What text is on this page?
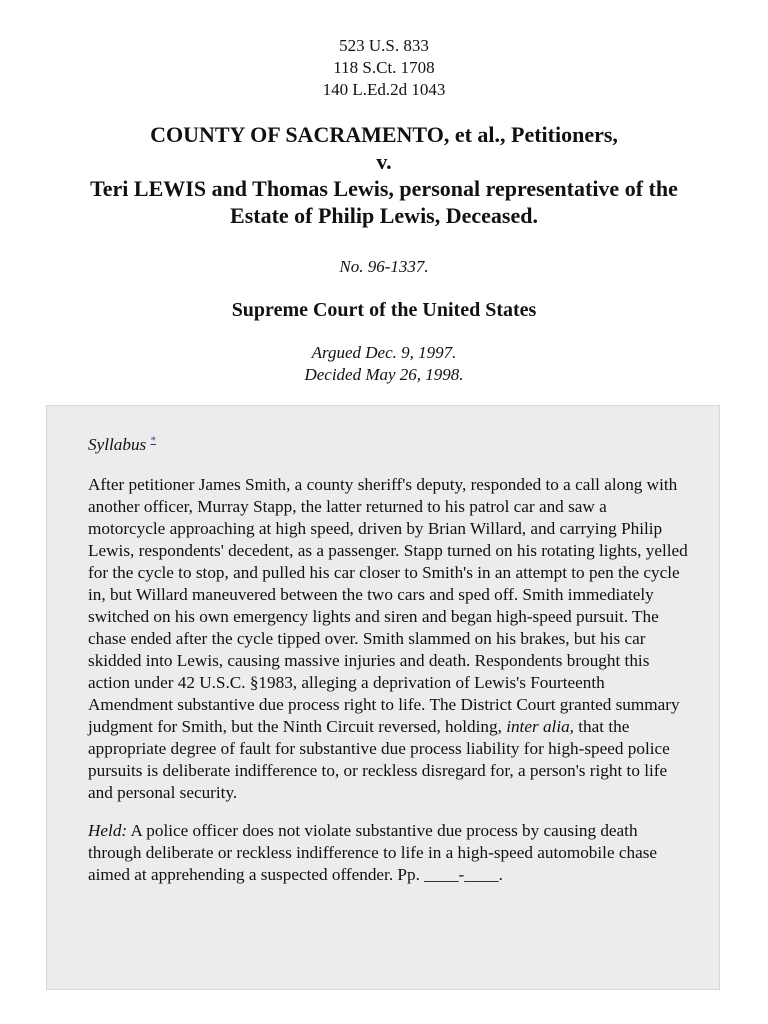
523 U.S. 833
118 S.Ct. 1708
140 L.Ed.2d 1043
COUNTY OF SACRAMENTO, et al., Petitioners,
v.
Teri LEWIS and Thomas Lewis, personal representative of the
Estate of Philip Lewis, Deceased.
No. 96-1337.
Supreme Court of the United States
Argued Dec. 9, 1997.
Decided May 26, 1998.
Syllabus *

After petitioner James Smith, a county sheriff's deputy, responded to a call along with another officer, Murray Stapp, the latter returned to his patrol car and saw a motorcycle approaching at high speed, driven by Brian Willard, and carrying Philip Lewis, respondents' decedent, as a passenger. Stapp turned on his rotating lights, yelled for the cycle to stop, and pulled his car closer to Smith's in an attempt to pen the cycle in, but Willard maneuvered between the two cars and sped off. Smith immediately switched on his own emergency lights and siren and began high-speed pursuit. The chase ended after the cycle tipped over. Smith slammed on his brakes, but his car skidded into Lewis, causing massive injuries and death. Respondents brought this action under 42 U.S.C. §1983, alleging a deprivation of Lewis's Fourteenth Amendment substantive due process right to life. The District Court granted summary judgment for Smith, but the Ninth Circuit reversed, holding, inter alia, that the appropriate degree of fault for substantive due process liability for high-speed police pursuits is deliberate indifference to, or reckless disregard for, a person's right to life and personal security.

Held: A police officer does not violate substantive due process by causing death through deliberate or reckless indifference to life in a high-speed automobile chase aimed at apprehending a suspected offender. Pp. ____-____.
